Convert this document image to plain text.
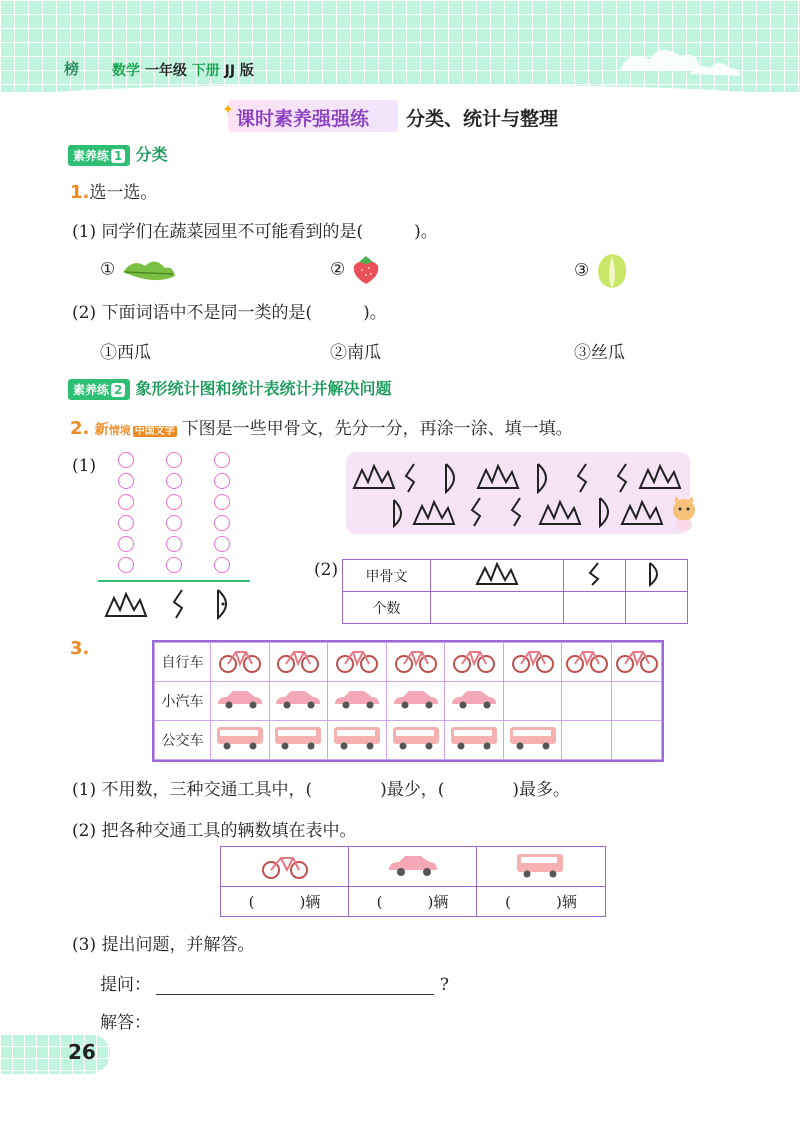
榜 数学 一年级 下册 JJ 版
✦ 课时素养强强练 分类、统计与整理
素养练 1 分类
1.选一选。
(1) 同学们在蔬菜园里不可能看到的是(　　　)。
①	②	③
(2) 下面词语中不是同一类的是(　　　)。
①西瓜	②南瓜	③丝瓜
素养练 2 象形统计图和统计表统计并解决问题
2. 新情境 中国文字 下图是一些甲骨文，先分一分，再涂一涂、填一填。
(1)
(2) 甲骨文			
个数			
3.
自行车								
小汽车								
公交车								
(1) 不用数，三种交通工具中，(　　　　)最少，(　　　　)最多。
(2) 把各种交通工具的辆数填在表中。

(　　　)辆	(　　　)辆	(　　　)辆
(3) 提出问题，并解答。
提问：	?
解答：
26
